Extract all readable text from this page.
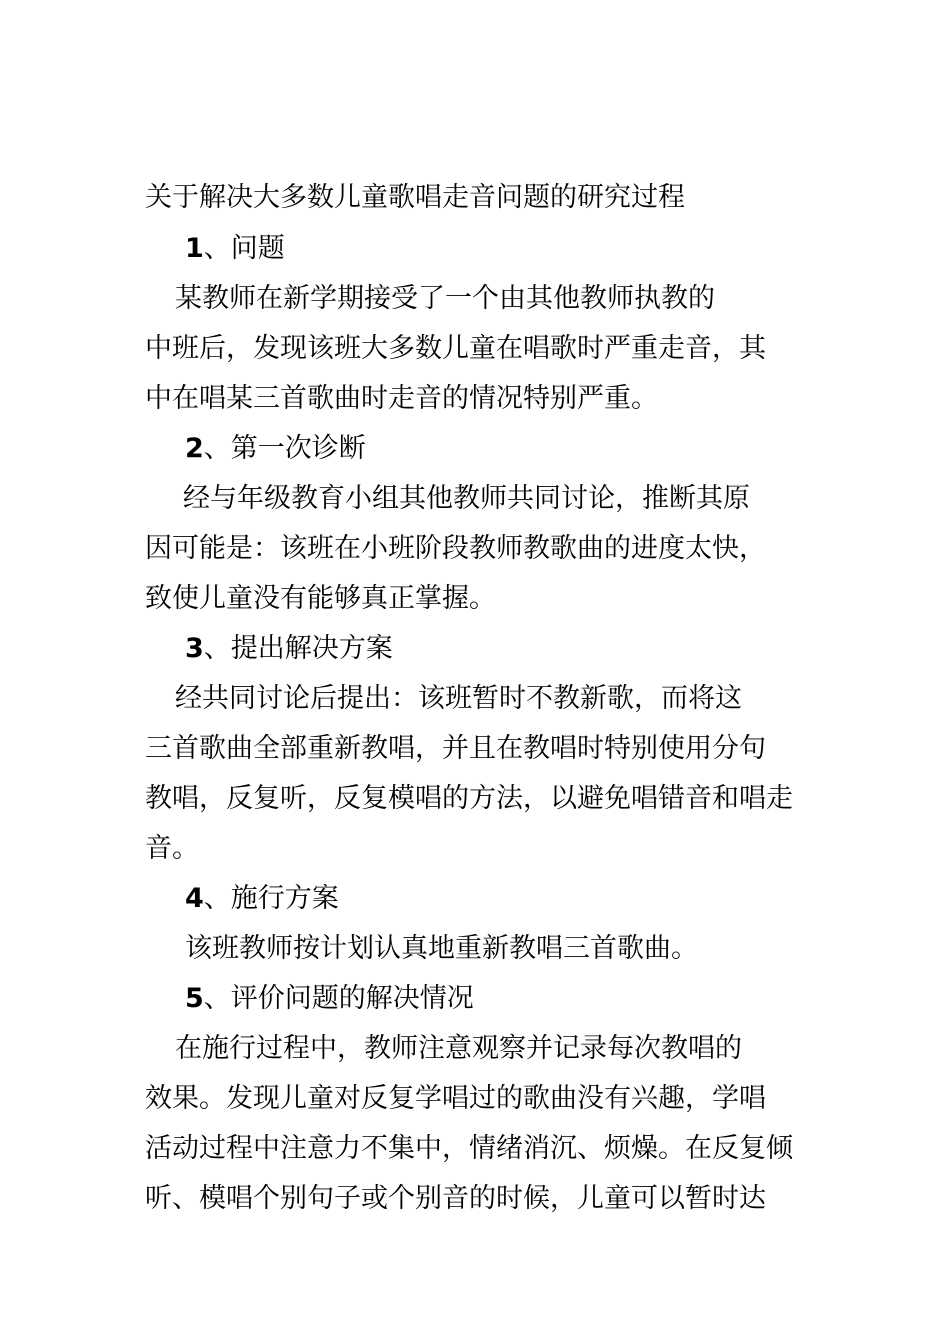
关于解决大多数儿童歌唱走音问题的研究过程
1、问题
某教师在新学期接受了一个由其他教师执教的
中班后，发现该班大多数儿童在唱歌时严重走音，其
中在唱某三首歌曲时走音的情况特别严重。
2、第一次诊断
经与年级教育小组其他教师共同讨论，推断其原
因可能是：该班在小班阶段教师教歌曲的进度太快，
致使儿童没有能够真正掌握。
3、提出解决方案
经共同讨论后提出：该班暂时不教新歌，而将这
三首歌曲全部重新教唱，并且在教唱时特别使用分句
教唱，反复听，反复模唱的方法，以避免唱错音和唱走
音。
4、施行方案
该班教师按计划认真地重新教唱三首歌曲。
5、评价问题的解决情况
在施行过程中，教师注意观察并记录每次教唱的
效果。发现儿童对反复学唱过的歌曲没有兴趣，学唱
活动过程中注意力不集中，情绪消沉、烦燥。在反复倾
听、模唱个别句子或个别音的时候，儿童可以暂时达
